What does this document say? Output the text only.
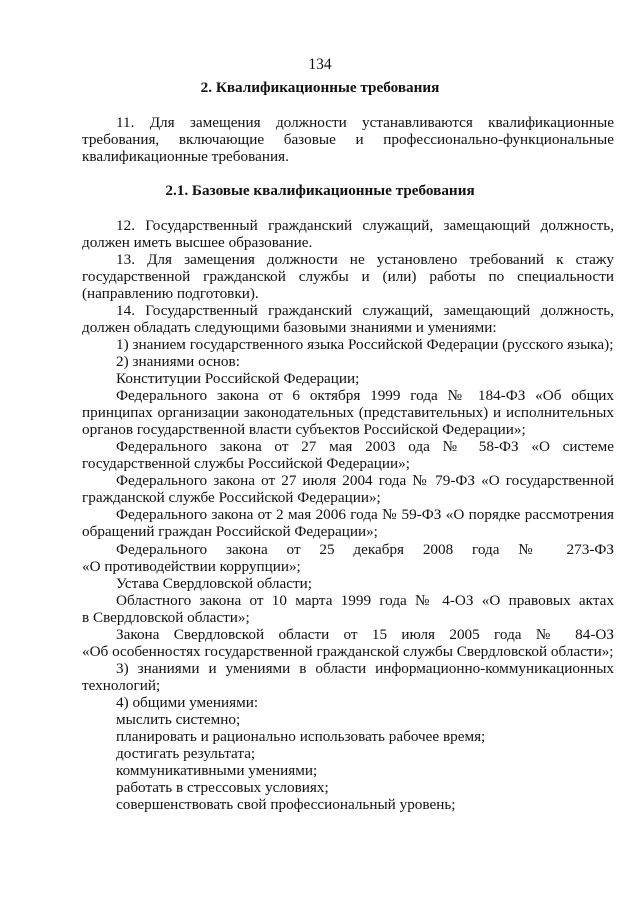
134
2. Квалификационные требования
11. Для замещения должности устанавливаются квалификационные
требования, включающие базовые и профессионально-функциональные
квалификационные требования.
2.1. Базовые квалификационные требования
12. Государственный гражданский служащий, замещающий должность,
должен иметь высшее образование.
13. Для замещения должности не установлено требований к стажу
государственной гражданской службы и (или) работы по специальности
(направлению подготовки).
14. Государственный гражданский служащий, замещающий должность,
должен обладать следующими базовыми знаниями и умениями:
1) знанием государственного языка Российской Федерации (русского языка);
2) знаниями основ:
Конституции Российской Федерации;
Федерального закона от 6 октября 1999 года № 184-ФЗ «Об общих
принципах организации законодательных (представительных) и исполнительных
органов государственной власти субъектов Российской Федерации»;
Федерального закона от 27 мая 2003 ода № 58-ФЗ «О системе
государственной службы Российской Федерации»;
Федерального закона от 27 июля 2004 года № 79-ФЗ «О государственной
гражданской службе Российской Федерации»;
Федерального закона от 2 мая 2006 года № 59-ФЗ «О порядке рассмотрения
обращений граждан Российской Федерации»;
Федерального закона от 25 декабря 2008 года № 273-ФЗ
«О противодействии коррупции»;
Устава Свердловской области;
Областного закона от 10 марта 1999 года № 4-ОЗ «О правовых актах
в Свердловской области»;
Закона Свердловской области от 15 июля 2005 года № 84-ОЗ
«Об особенностях государственной гражданской службы Свердловской области»;
3) знаниями и умениями в области информационно-коммуникационных
технологий;
4) общими умениями:
мыслить системно;
планировать и рационально использовать рабочее время;
достигать результата;
коммуникативными умениями;
работать в стрессовых условиях;
совершенствовать свой профессиональный уровень;
